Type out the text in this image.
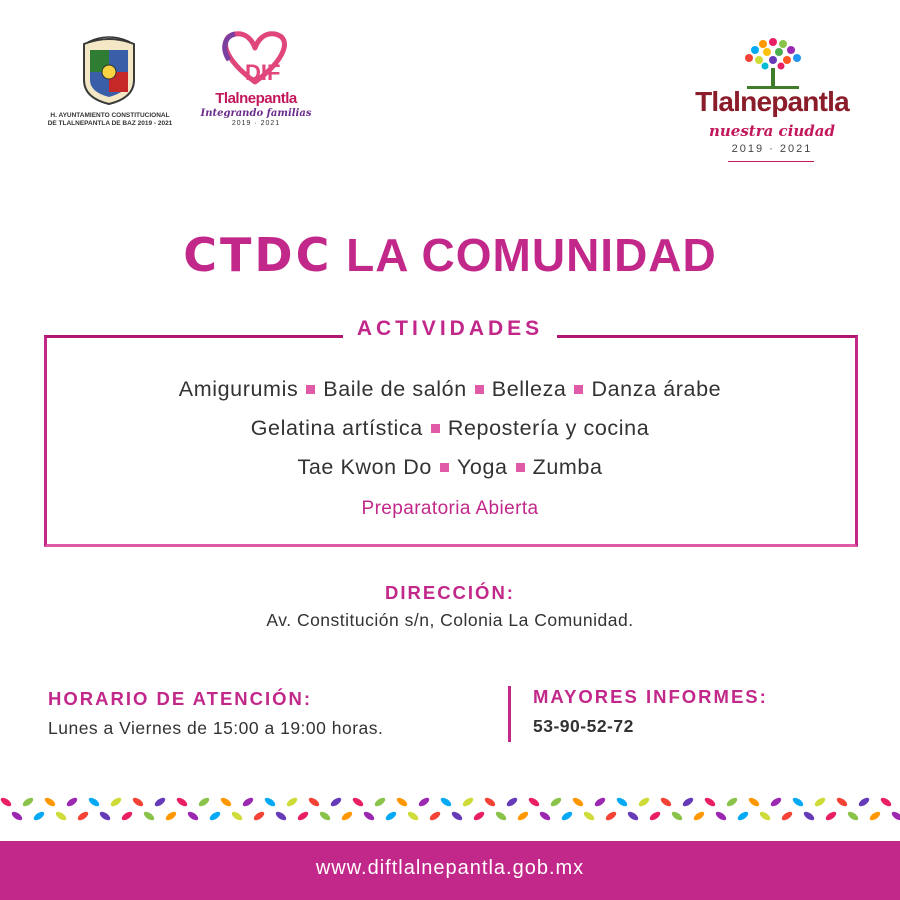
H. AYUNTAMIENTO CONSTITUCIONAL
DE TLALNEPANTLA DE BAZ 2019 - 2021
DIF
Tlalnepantla
Integrando familias
2019 · 2021
Tlalnepantla
nuestra ciudad
2019 · 2021
CTDC LA COMUNIDAD
ACTIVIDADES
Amigurumis Baile de salón Belleza Danza árabe
Gelatina artística Repostería y cocina
Tae Kwon Do Yoga Zumba
Preparatoria Abierta
DIRECCIÓN:
Av. Constitución s/n, Colonia La Comunidad.
HORARIO DE ATENCIÓN:
Lunes a Viernes de 15:00 a 19:00 horas.
MAYORES INFORMES:
53-90-52-72
www.diftlalnepantla.gob.mx
